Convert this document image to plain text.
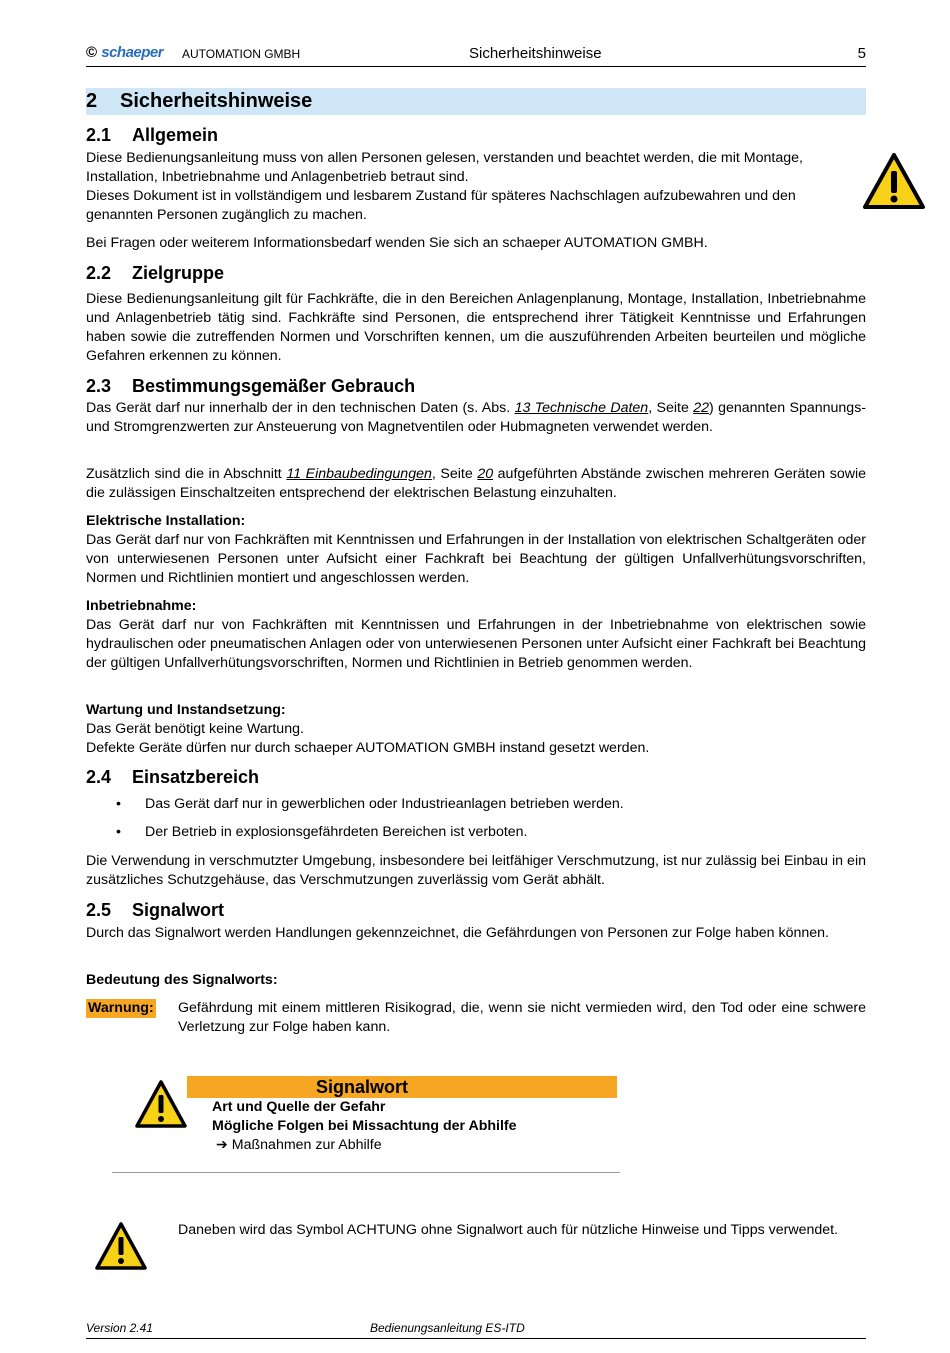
© schaeper AUTOMATION GMBH	Sicherheitshinweise	5
2 Sicherheitshinweise
2.1 Allgemein
Diese Bedienungsanleitung muss von allen Personen gelesen, verstanden und beachtet werden, die mit Montage, Installation, Inbetriebnahme und Anlagenbetrieb betraut sind.
Dieses Dokument ist in vollständigem und lesbarem Zustand für späteres Nachschlagen aufzubewahren und den genannten Personen zugänglich zu machen.
Bei Fragen oder weiterem Informationsbedarf wenden Sie sich an schaeper AUTOMATION GMBH.
2.2 Zielgruppe
Diese Bedienungsanleitung gilt für Fachkräfte, die in den Bereichen Anlagenplanung, Montage, Installation, Inbetriebnahme und Anlagenbetrieb tätig sind. Fachkräfte sind Personen, die entsprechend ihrer Tätigkeit Kenntnisse und Erfahrungen haben sowie die zutreffenden Normen und Vorschriften kennen, um die auszuführenden Arbeiten beurteilen und mögliche Gefahren erkennen zu können.
2.3 Bestimmungsgemäßer Gebrauch
Das Gerät darf nur innerhalb der in den technischen Daten (s. Abs. 13 Technische Daten, Seite 22) genannten Spannungs- und Stromgrenzwerten zur Ansteuerung von Magnetventilen oder Hubmagneten verwendet werden.
Zusätzlich sind die in Abschnitt 11 Einbaubedingungen, Seite 20 aufgeführten Abstände zwischen mehreren Geräten sowie die zulässigen Einschaltzeiten entsprechend der elektrischen Belastung einzuhalten.
Elektrische Installation:
Das Gerät darf nur von Fachkräften mit Kenntnissen und Erfahrungen in der Installation von elektrischen Schaltgeräten oder von unterwiesenen Personen unter Aufsicht einer Fachkraft bei Beachtung der gültigen Unfallverhütungsvorschriften, Normen und Richtlinien montiert und angeschlossen werden.
Inbetriebnahme:
Das Gerät darf nur von Fachkräften mit Kenntnissen und Erfahrungen in der Inbetriebnahme von elektrischen sowie hydraulischen oder pneumatischen Anlagen oder von unterwiesenen Personen unter Aufsicht einer Fachkraft bei Beachtung der gültigen Unfallverhütungsvorschriften, Normen und Richtlinien in Betrieb genommen werden.
Wartung und Instandsetzung:
Das Gerät benötigt keine Wartung.
Defekte Geräte dürfen nur durch schaeper AUTOMATION GMBH instand gesetzt werden.
2.4 Einsatzbereich
• Das Gerät darf nur in gewerblichen oder Industrieanlagen betrieben werden.
• Der Betrieb in explosionsgefährdeten Bereichen ist verboten.
Die Verwendung in verschmutzter Umgebung, insbesondere bei leitfähiger Verschmutzung, ist nur zulässig bei Einbau in ein zusätzliches Schutzgehäuse, das Verschmutzungen zuverlässig vom Gerät abhält.
2.5 Signalwort
Durch das Signalwort werden Handlungen gekennzeichnet, die Gefährdungen von Personen zur Folge haben können.
Bedeutung des Signalworts:
Warnung: Gefährdung mit einem mittleren Risikograd, die, wenn sie nicht vermieden wird, den Tod oder eine schwere Verletzung zur Folge haben kann.
Signalwort
Art und Quelle der Gefahr
Mögliche Folgen bei Missachtung der Abhilfe
➔ Maßnahmen zur Abhilfe
Daneben wird das Symbol ACHTUNG ohne Signalwort auch für nützliche Hinweise und Tipps verwendet.
Version 2.41	Bedienungsanleitung ES-ITD
